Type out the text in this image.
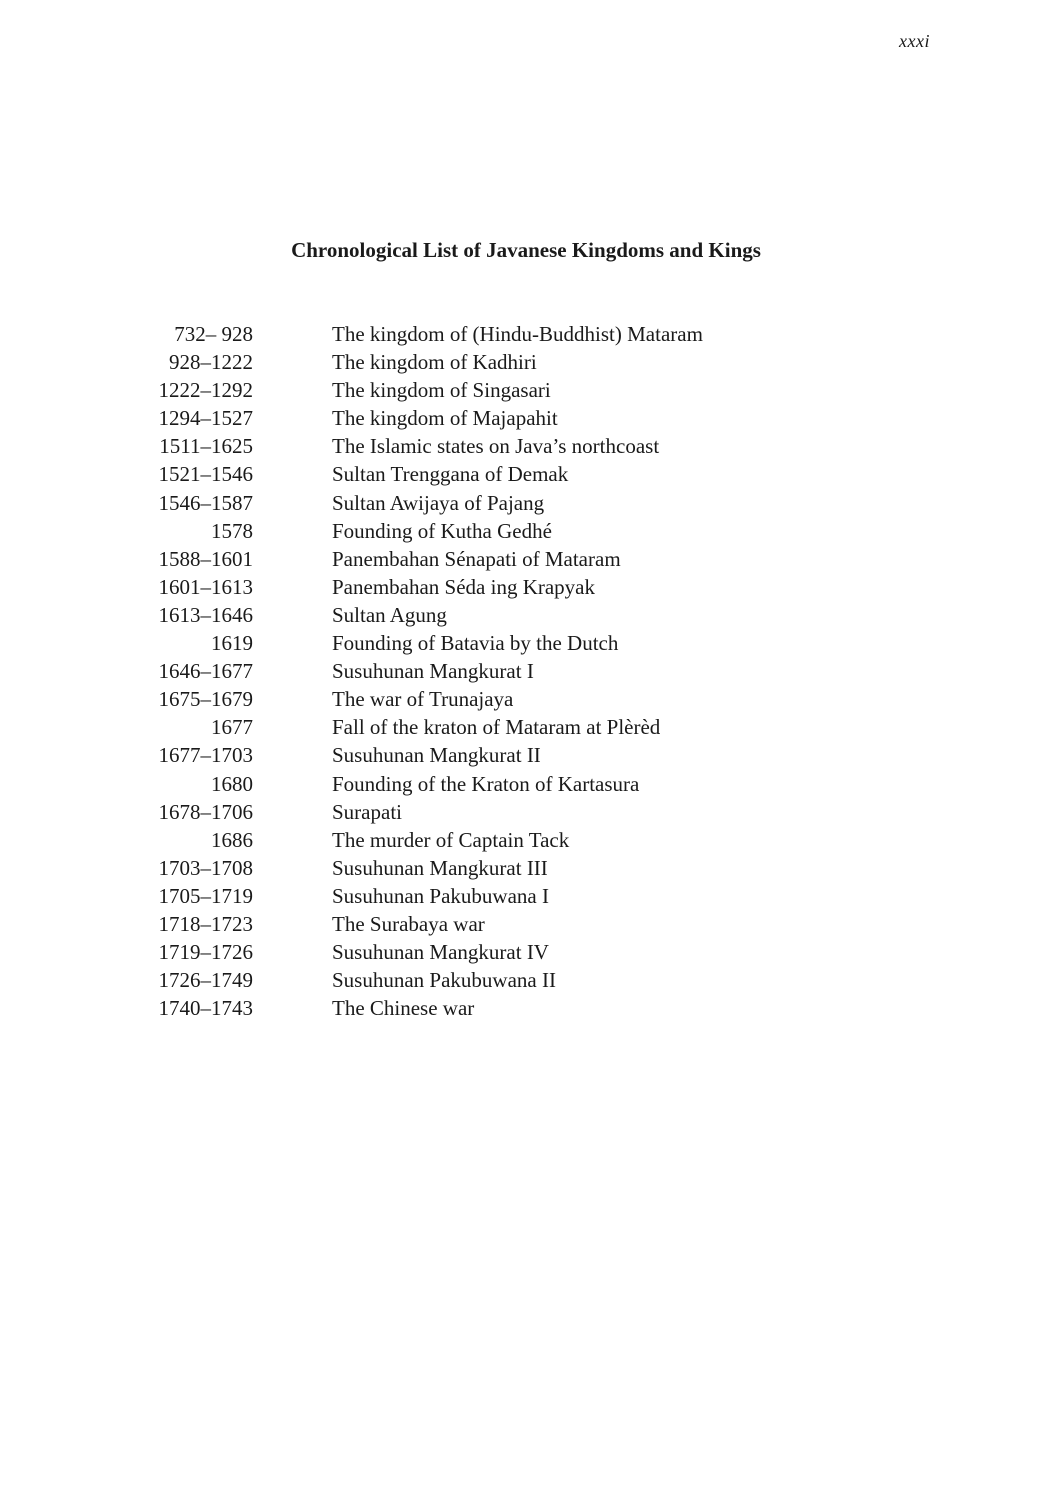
xxxi
Chronological List of Javanese Kingdoms and Kings
732– 928	The kingdom of (Hindu-Buddhist) Mataram
928–1222	The kingdom of Kadhiri
1222–1292	The kingdom of Singasari
1294–1527	The kingdom of Majapahit
1511–1625	The Islamic states on Java’s northcoast
1521–1546	Sultan Trenggana of Demak
1546–1587	Sultan Awijaya of Pajang
1578	Founding of Kutha Gedhé
1588–1601	Panembahan Sénapati of Mataram
1601–1613	Panembahan Séda ing Krapyak
1613–1646	Sultan Agung
1619	Founding of Batavia by the Dutch
1646–1677	Susuhunan Mangkurat I
1675–1679	The war of Trunajaya
1677	Fall of the kraton of Mataram at Plèrèd
1677–1703	Susuhunan Mangkurat II
1680	Founding of the Kraton of Kartasura
1678–1706	Surapati
1686	The murder of Captain Tack
1703–1708	Susuhunan Mangkurat III
1705–1719	Susuhunan Pakubuwana I
1718–1723	The Surabaya war
1719–1726	Susuhunan Mangkurat IV
1726–1749	Susuhunan Pakubuwana II
1740–1743	The Chinese war
